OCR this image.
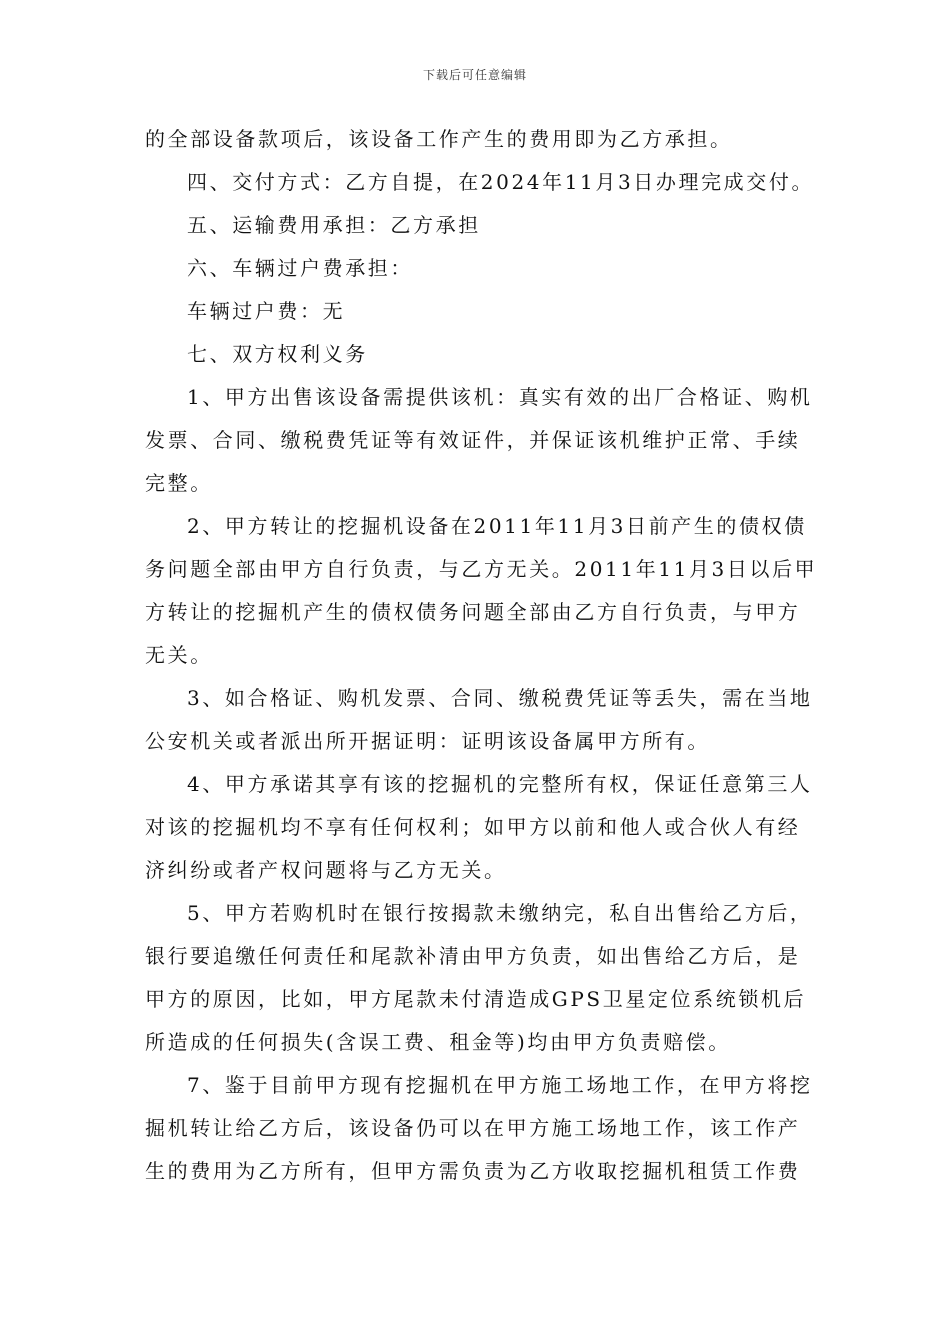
下载后可任意编辑
的全部设备款项后，该设备工作产生的费用即为乙方承担。
四、交付方式：乙方自提，在2024年11月3日办理完成交付。
五、运输费用承担：乙方承担
六、车辆过户费承担：
车辆过户费：无
七、双方权利义务
1、甲方出售该设备需提供该机：真实有效的出厂合格证、购机
发票、合同、缴税费凭证等有效证件，并保证该机维护正常、手续
完整。
2、甲方转让的挖掘机设备在2011年11月3日前产生的债权债
务问题全部由甲方自行负责，与乙方无关。2011年11月3日以后甲
方转让的挖掘机产生的债权债务问题全部由乙方自行负责，与甲方
无关。
3、如合格证、购机发票、合同、缴税费凭证等丢失，需在当地
公安机关或者派出所开据证明：证明该设备属甲方所有。
4、甲方承诺其享有该的挖掘机的完整所有权，保证任意第三人
对该的挖掘机均不享有任何权利；如甲方以前和他人或合伙人有经
济纠纷或者产权问题将与乙方无关。
5、甲方若购机时在银行按揭款未缴纳完，私自出售给乙方后，
银行要追缴任何责任和尾款补清由甲方负责，如出售给乙方后，是
甲方的原因，比如，甲方尾款未付清造成GPS卫星定位系统锁机后
所造成的任何损失(含误工费、租金等)均由甲方负责赔偿。
7、鉴于目前甲方现有挖掘机在甲方施工场地工作，在甲方将挖
掘机转让给乙方后，该设备仍可以在甲方施工场地工作，该工作产
生的费用为乙方所有，但甲方需负责为乙方收取挖掘机租赁工作费
